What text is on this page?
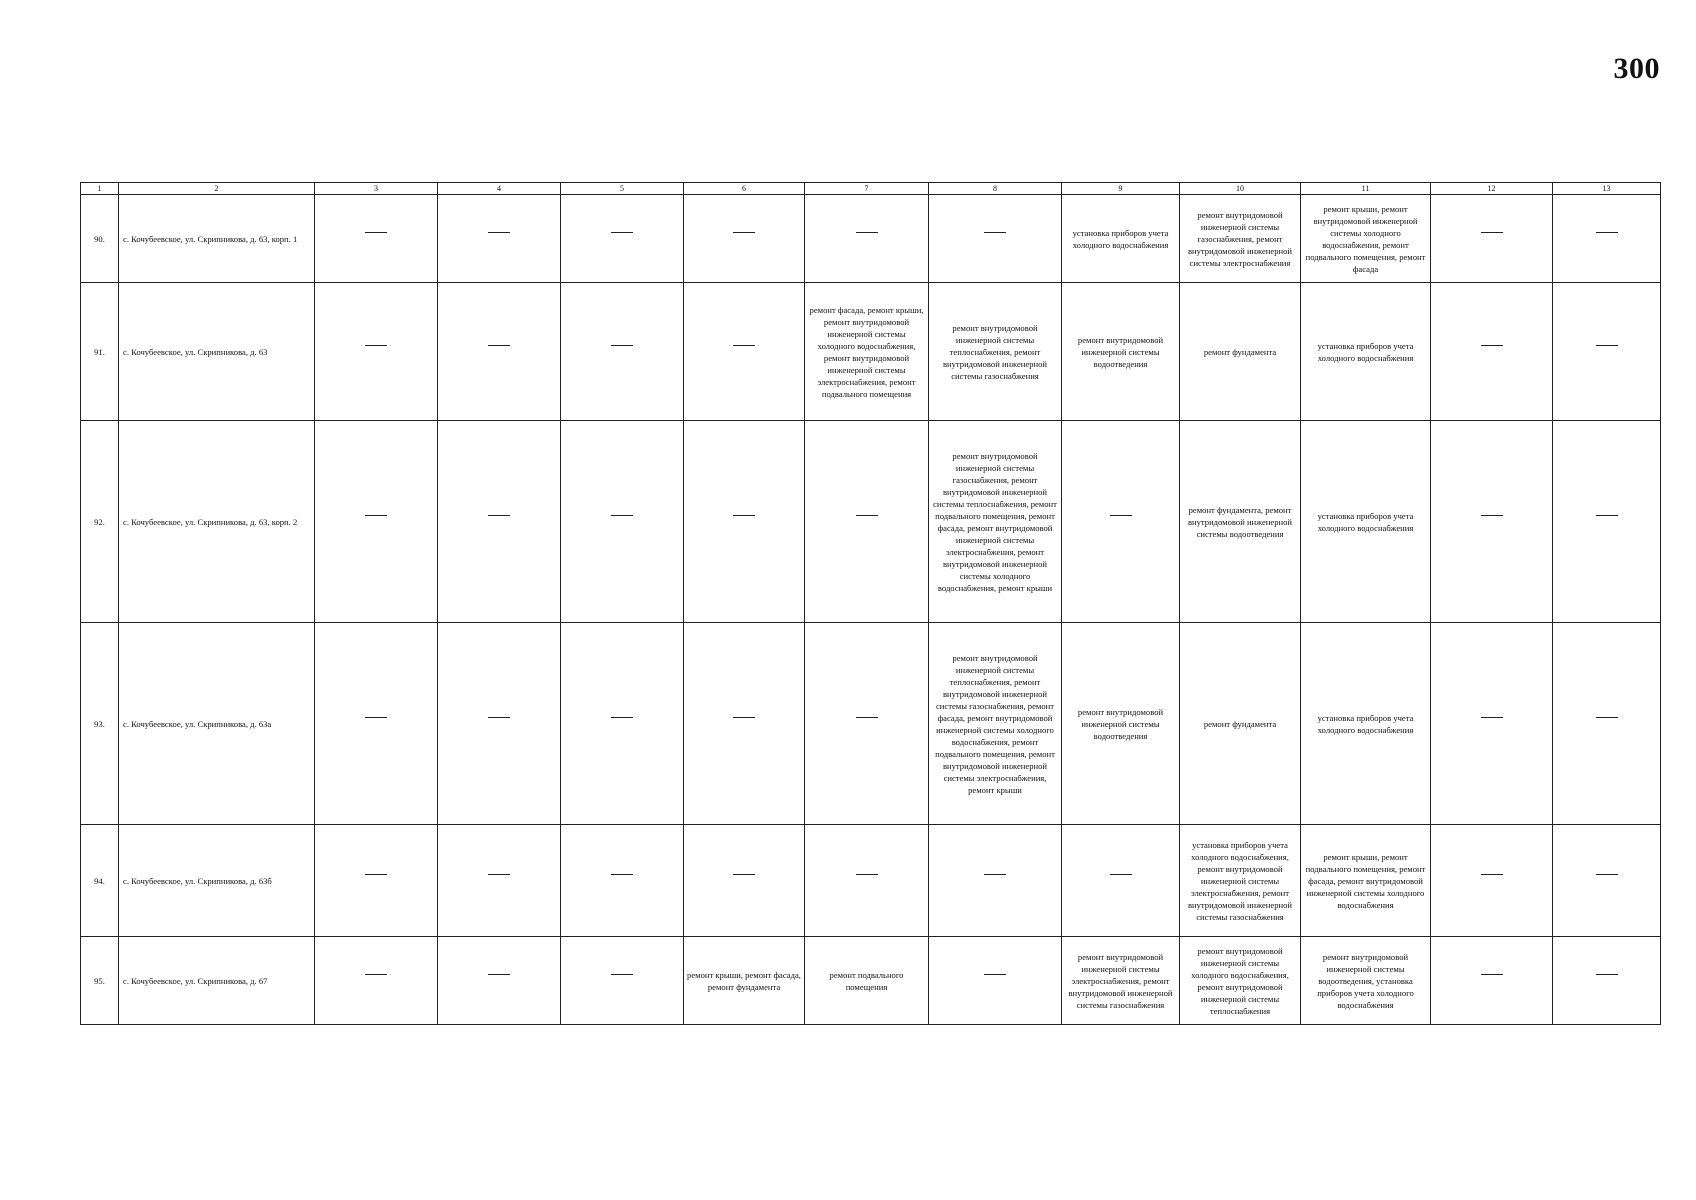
300
1	2	3	4	5	6	7	8	9	10	11	12	13

90.	с. Кочубеевское, ул. Скрипникова, д. 63, корп. 1							установка приборов учета холодного водоснабжения	ремонт внутридомовой инженерной системы газоснабжения, ремонт внутридомовой инженерной системы электроснабжения	ремонт крыши, ремонт внутридомовой инженерной системы холодного водоснабжения, ремонт подвального помещения, ремонт фасада

91.	с. Кочубеевское, ул. Скрипникова, д. 63					ремонт фасада, ремонт крыши, ремонт внутридомовой инженерной системы холодного водоснабжения, ремонт внутридомовой инженерной системы электроснабжения, ремонт подвального помещения	ремонт внутридомовой инженерной системы теплоснабжения, ремонт внутридомовой инженерной системы газоснабжения	ремонт внутридомовой инженерной системы водоотведения	ремонт фундамента	установка приборов учета холодного водоснабжения

92.	с. Кочубеевское, ул. Скрипникова, д. 63, корп. 2						ремонт внутридомовой инженерной системы газоснабжения, ремонт внутридомовой инженерной системы теплоснабжения, ремонт подвального помещения, ремонт фасада, ремонт внутридомовой инженерной системы электроснабжения, ремонт внутридомовой инженерной системы холодного водоснабжения, ремонт крыши		ремонт фундамента, ремонт внутридомовой инженерной системы водоотведения	установка приборов учета холодного водоснабжения

93.	с. Кочубеевское, ул. Скрипникова, д. 63а						ремонт внутридомовой инженерной системы теплоснабжения, ремонт внутридомовой инженерной системы газоснабжения, ремонт фасада, ремонт внутридомовой инженерной системы холодного водоснабжения, ремонт подвального помещения, ремонт внутридомовой инженерной системы электроснабжения, ремонт крыши	ремонт внутридомовой инженерной системы водоотведения	ремонт фундамента	установка приборов учета холодного водоснабжения

94.	с. Кочубеевское, ул. Скрипникова, д. 63б								установка приборов учета холодного водоснабжения, ремонт внутридомовой инженерной системы электроснабжения, ремонт внутридомовой инженерной системы газоснабжения	ремонт крыши, ремонт подвального помещения, ремонт фасада, ремонт внутридомовой инженерной системы холодного водоснабжения

95.	с. Кочубеевское, ул. Скрипникова, д. 67				ремонт крыши, ремонт фасада, ремонт фундамента	ремонт подвального помещения		ремонт внутридомовой инженерной системы электроснабжения, ремонт внутридомовой инженерной системы газоснабжения	ремонт внутридомовой инженерной системы холодного водоснабжения, ремонт внутридомовой инженерной системы теплоснабжения	ремонт внутридомовой инженерной системы водоотведения, установка приборов учета холодного водоснабжения
